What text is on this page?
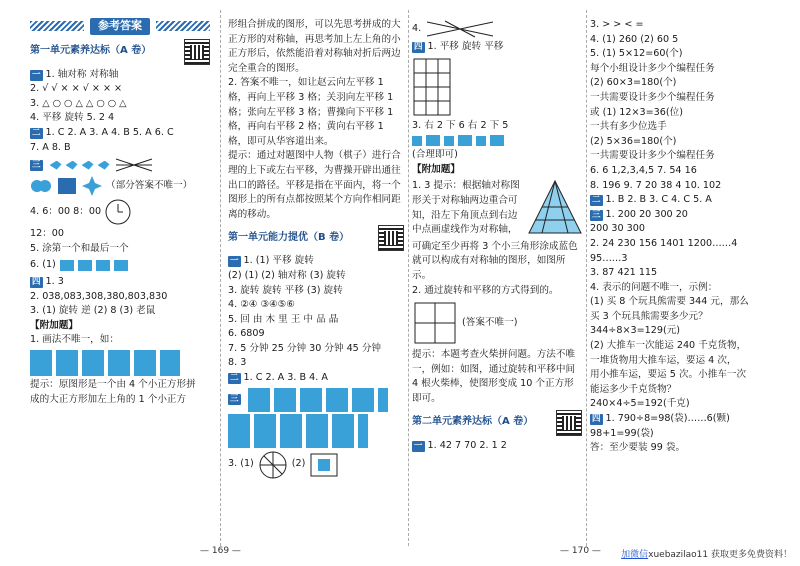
参考答案
第一单元素养达标（A 卷）
一 1. 轴对称 对称轴
2. √ √ × × √ × × ×
3. △ ○ ○ △ △ ○ ○ △
4. 平移 旋转 5. 2 4
二 1. C 2. A 3. A 4. B 5. A 6. C
7. A 8. B
三
（部分答案不唯一）
4. 6：00 8：00
12：00
5. 涂第一个和最后一个
6. (1)
四 1. 3
2. 038,083,308,380,803,830
3. (1) 旋转 逆 (2) 8 (3) 老鼠
【附加题】
1. 画法不唯一，如：
提示：原图形是一个由 4 个小正方形拼
成的大正方形加左上角的 1 个小正方
形组合拼成的图形，可以先思考拼成的大正方形的对称轴，再思考加上左上角的小正方形后，依然能沿着对称轴对折后两边完全重合的图形。
2. 答案不唯一，如让赵云向左平移 1 格，再向上平移 3 格；关羽向左平移 1 格；张向左平移 3 格；曹操向下平移 1 格，再向右平移 2 格；黄向右平移 1 格，即可从华容道出来。
提示：通过对题图中人物（棋子）进行合理的上下或左右平移，为曹操开辟出通往出口的路径。平移是指在平面内，将一个图形上的所有点都按照某个方向作相同距离的移动。
第一单元能力提优（B 卷）
一 1. (1) 平移 旋转
(2) (1) (2) 轴对称 (3) 旋转
3. 旋转 旋转 平移 (3) 旋转
4. ②④ ③④⑤⑥
5. 回 由 木 里 王 中 品 晶
6. 6809
7. 5 分钟 25 分钟 30 分钟 45 分钟
8. 3
二 1. C 2. A 3. B 4. A
三
3. (1)	(2)
4.
四 1. 平移 旋转 平移
3. 右 2 下 6 右 2 下 5
(合理即可)
【附加题】
1. 3 提示：根据轴对称图形关于对称轴两边重合可知，沿左下角顶点到右边中点画虚线作为对称轴，
可确定至少再将 3 个小三角形涂成蓝色就可以构成有对称轴的图形，如图所示。
2. 通过旋转和平移的方式得到的。
(答案不唯一)
提示：本题考查火柴拼问题。方法不唯一，例如：如图，通过旋转和平移中间 4 根火柴棒，使图形变成 10 个正方形即可。
第二单元素养达标（A 卷）
一 1. 42 7 70 2. 1 2
3. > > < =
4. (1) 260 (2) 60 5
5. (1) 5×12=60(个)
每个小组设计多少个编程任务
(2) 60×3=180(个)
一共需要设计多少个编程任务
或 (1) 12×3=36(位)
一共有多少位选手
(2) 5×36=180(个)
一共需要设计多少个编程任务
6. 6 1,2,3,4,5 7. 54 16
8. 196 9. 7 20 38 4 10. 102
二 1. B 2. B 3. C 4. C 5. A
三 1. 200 20 300 20
200 30 300
2. 24 230 156 1401 1200……4
95……3
3. 87 421 115
4. 表示的问题不唯一，示例：
(1) 买 8 个玩具熊需要 344 元，那么
买 3 个玩具熊需要多少元？
344÷8×3=129(元)
(2) 大推车一次能运 240 千克货物，
一堆货物用大推车运，要运 4 次，
用小推车运，要运 5 次。小推车一次
能运多少千克货物？
240×4÷5=192(千克)
四 1. 790÷8=98(袋)……6(颗)
98+1=99(袋)
答：至少要装 99 袋。
— 169 —	— 170 — 加微信xuebazilao11 获取更多免费资料！
